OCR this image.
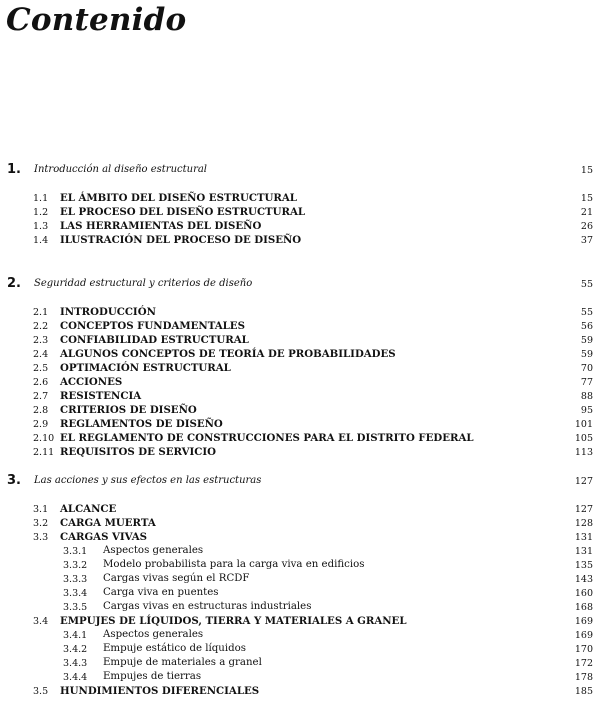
Contenido
1. Introducción al diseño estructural	15
1.1 EL ÁMBITO DEL DISEÑO ESTRUCTURAL	15
1.2 EL PROCESO DEL DISEÑO ESTRUCTURAL	21
1.3 LAS HERRAMIENTAS DEL DISEÑO	26
1.4 ILUSTRACIÓN DEL PROCESO DE DISEÑO	37
2. Seguridad estructural y criterios de diseño	55
2.1 INTRODUCCIÓN	55
2.2 CONCEPTOS FUNDAMENTALES	56
2.3 CONFIABILIDAD ESTRUCTURAL	59
2.4 ALGUNOS CONCEPTOS DE TEORÍA DE PROBABILIDADES	59
2.5 OPTIMACIÓN ESTRUCTURAL	70
2.6 ACCIONES	77
2.7 RESISTENCIA	88
2.8 CRITERIOS DE DISEÑO	95
2.9 REGLAMENTOS DE DISEÑO	101
2.10 EL REGLAMENTO DE CONSTRUCCIONES PARA EL DISTRITO FEDERAL	105
2.11 REQUISITOS DE SERVICIO	113
3. Las acciones y sus efectos en las estructuras	127
3.1 ALCANCE	127
3.2 CARGA MUERTA	128
3.3 CARGAS VIVAS	131
3.3.1 Aspectos generales	131
3.3.2 Modelo probabilista para la carga viva en edificios	135
3.3.3 Cargas vivas según el RCDF	143
3.3.4 Carga viva en puentes	160
3.3.5 Cargas vivas en estructuras industriales	168
3.4 EMPUJES DE LÍQUIDOS, TIERRA Y MATERIALES A GRANEL	169
3.4.1 Aspectos generales	169
3.4.2 Empuje estático de líquidos	170
3.4.3 Empuje de materiales a granel	172
3.4.4 Empujes de tierras	178
3.5 HUNDIMIENTOS DIFERENCIALES	185
